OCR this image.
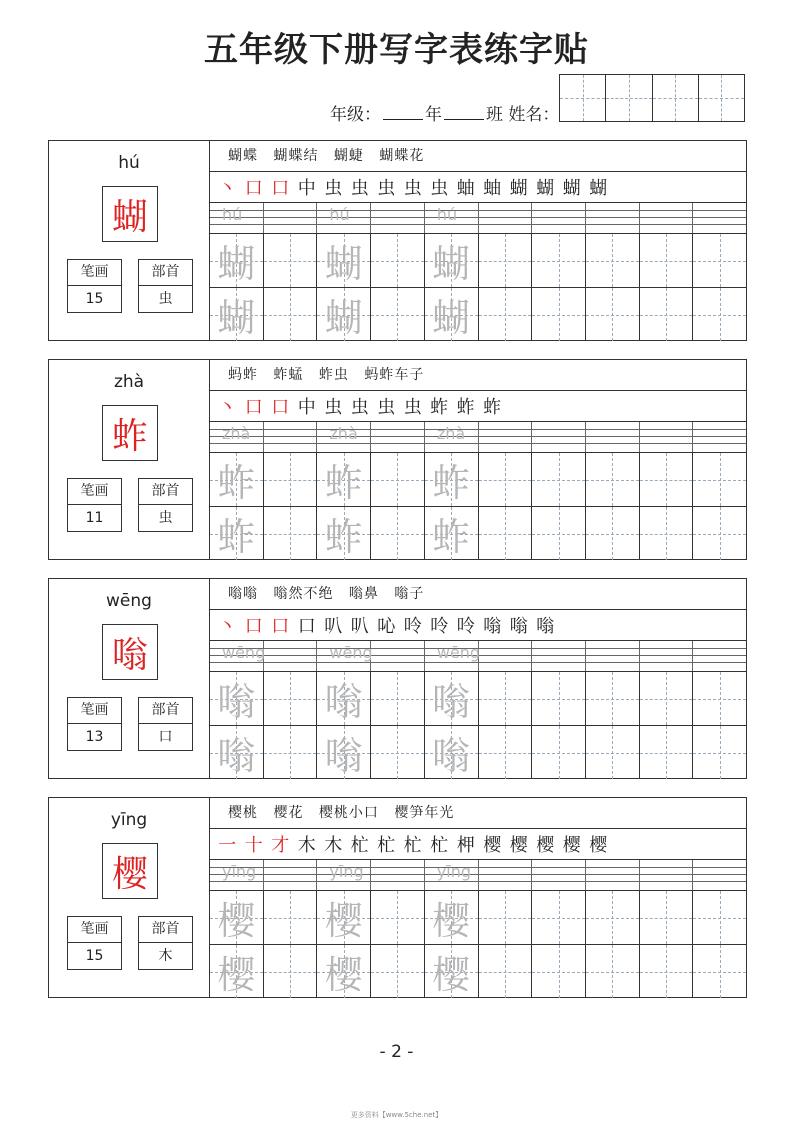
五年级下册写字表练字贴
年级：	年	班 姓名：
hú
蝴
笔画
15
部首
虫
蝴蝶 蝴蝶结 蝴蜨 蝴蝶花
丶 口 口 中 虫 虫 虫 虫 虫 蚰 蚰 蝴 蝴 蝴 蝴
hú	hú	hú
蝴 蝴 蝴
蝴 蝴 蝴
zhà
蚱
笔画
11
部首
虫
蚂蚱 蚱蜢 蚱虫 蚂蚱车子
丶 口 口 中 虫 虫 虫 虫 蚱 蚱 蚱
zhà	zhà	zhà
蚱 蚱 蚱
蚱 蚱 蚱
wēng
嗡
笔画
13
部首
口
嗡嗡 嗡然不绝 嗡鼻 嗡子
丶 口 口 口 叭 叭 吣 呤 呤 呤 嗡 嗡 嗡
wēng	wēng	wēng
嗡 嗡 嗡
嗡 嗡 嗡
yīng
樱
笔画
15
部首
木
樱桃 樱花 樱桃小口 樱笋年光
一 十 才 木 木 杧 杧 杧 杧 柙 樱 樱 樱 樱 樱
yīng	yīng	yīng
樱 樱 樱
樱 樱 樱
- 2 -
更多资料【www.5che.net】
